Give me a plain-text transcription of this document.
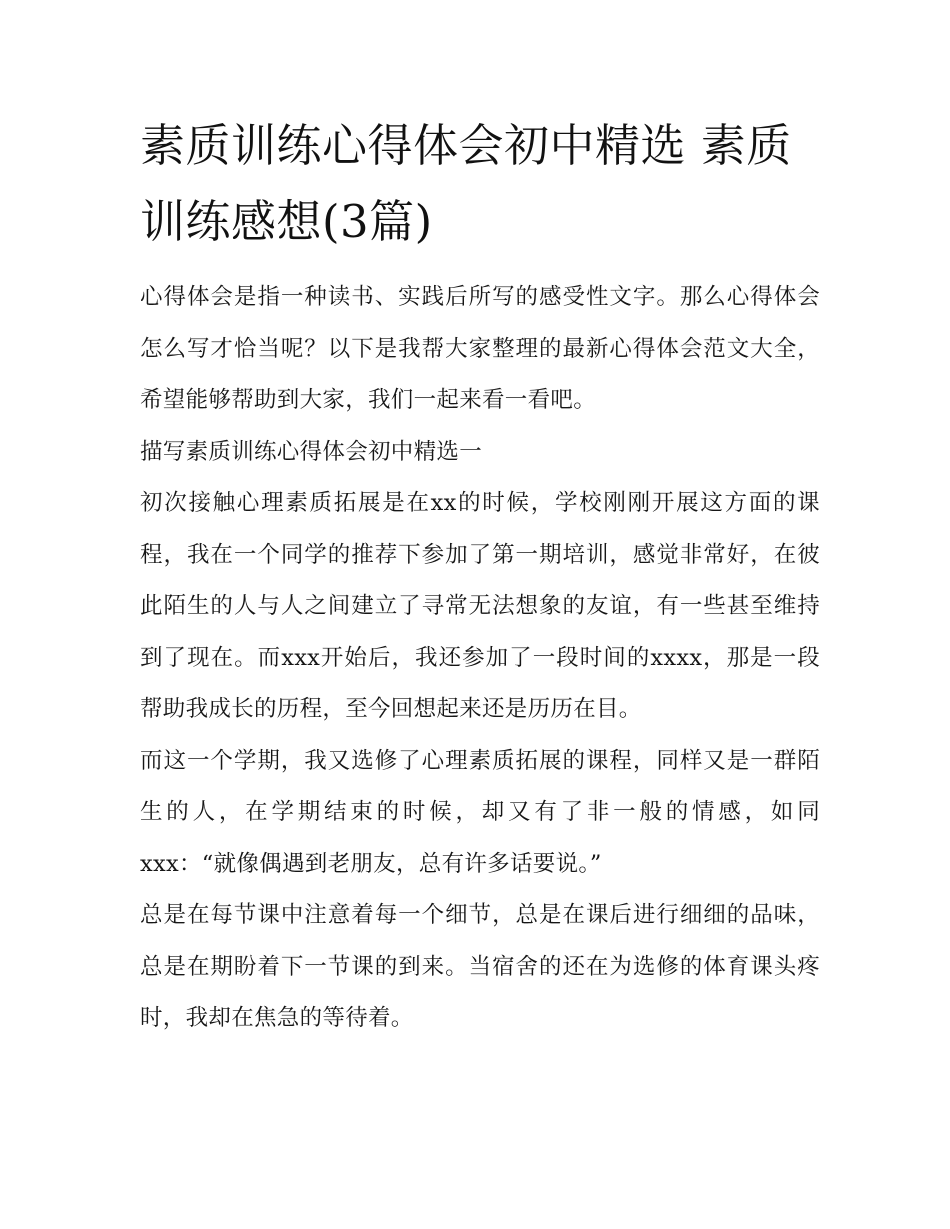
素质训练心得体会初中精选 素质训练感想(3篇)

心得体会是指一种读书、实践后所写的感受性文字。那么心得体会怎么写才恰当呢？以下是我帮大家整理的最新心得体会范文大全，希望能够帮助到大家，我们一起来看一看吧。

描写素质训练心得体会初中精选一

初次接触心理素质拓展是在xx的时候，学校刚刚开展这方面的课程，我在一个同学的推荐下参加了第一期培训，感觉非常好，在彼此陌生的人与人之间建立了寻常无法想象的友谊，有一些甚至维持到了现在。而xxx开始后，我还参加了一段时间的xxxx，那是一段帮助我成长的历程，至今回想起来还是历历在目。

而这一个学期，我又选修了心理素质拓展的课程，同样又是一群陌生的人，在学期结束的时候，却又有了非一般的情感，如同xxx：“就像偶遇到老朋友，总有许多话要说。”

总是在每节课中注意着每一个细节，总是在课后进行细细的品味，总是在期盼着下一节课的到来。当宿舍的还在为选修的体育课头疼时，我却在焦急的等待着。
